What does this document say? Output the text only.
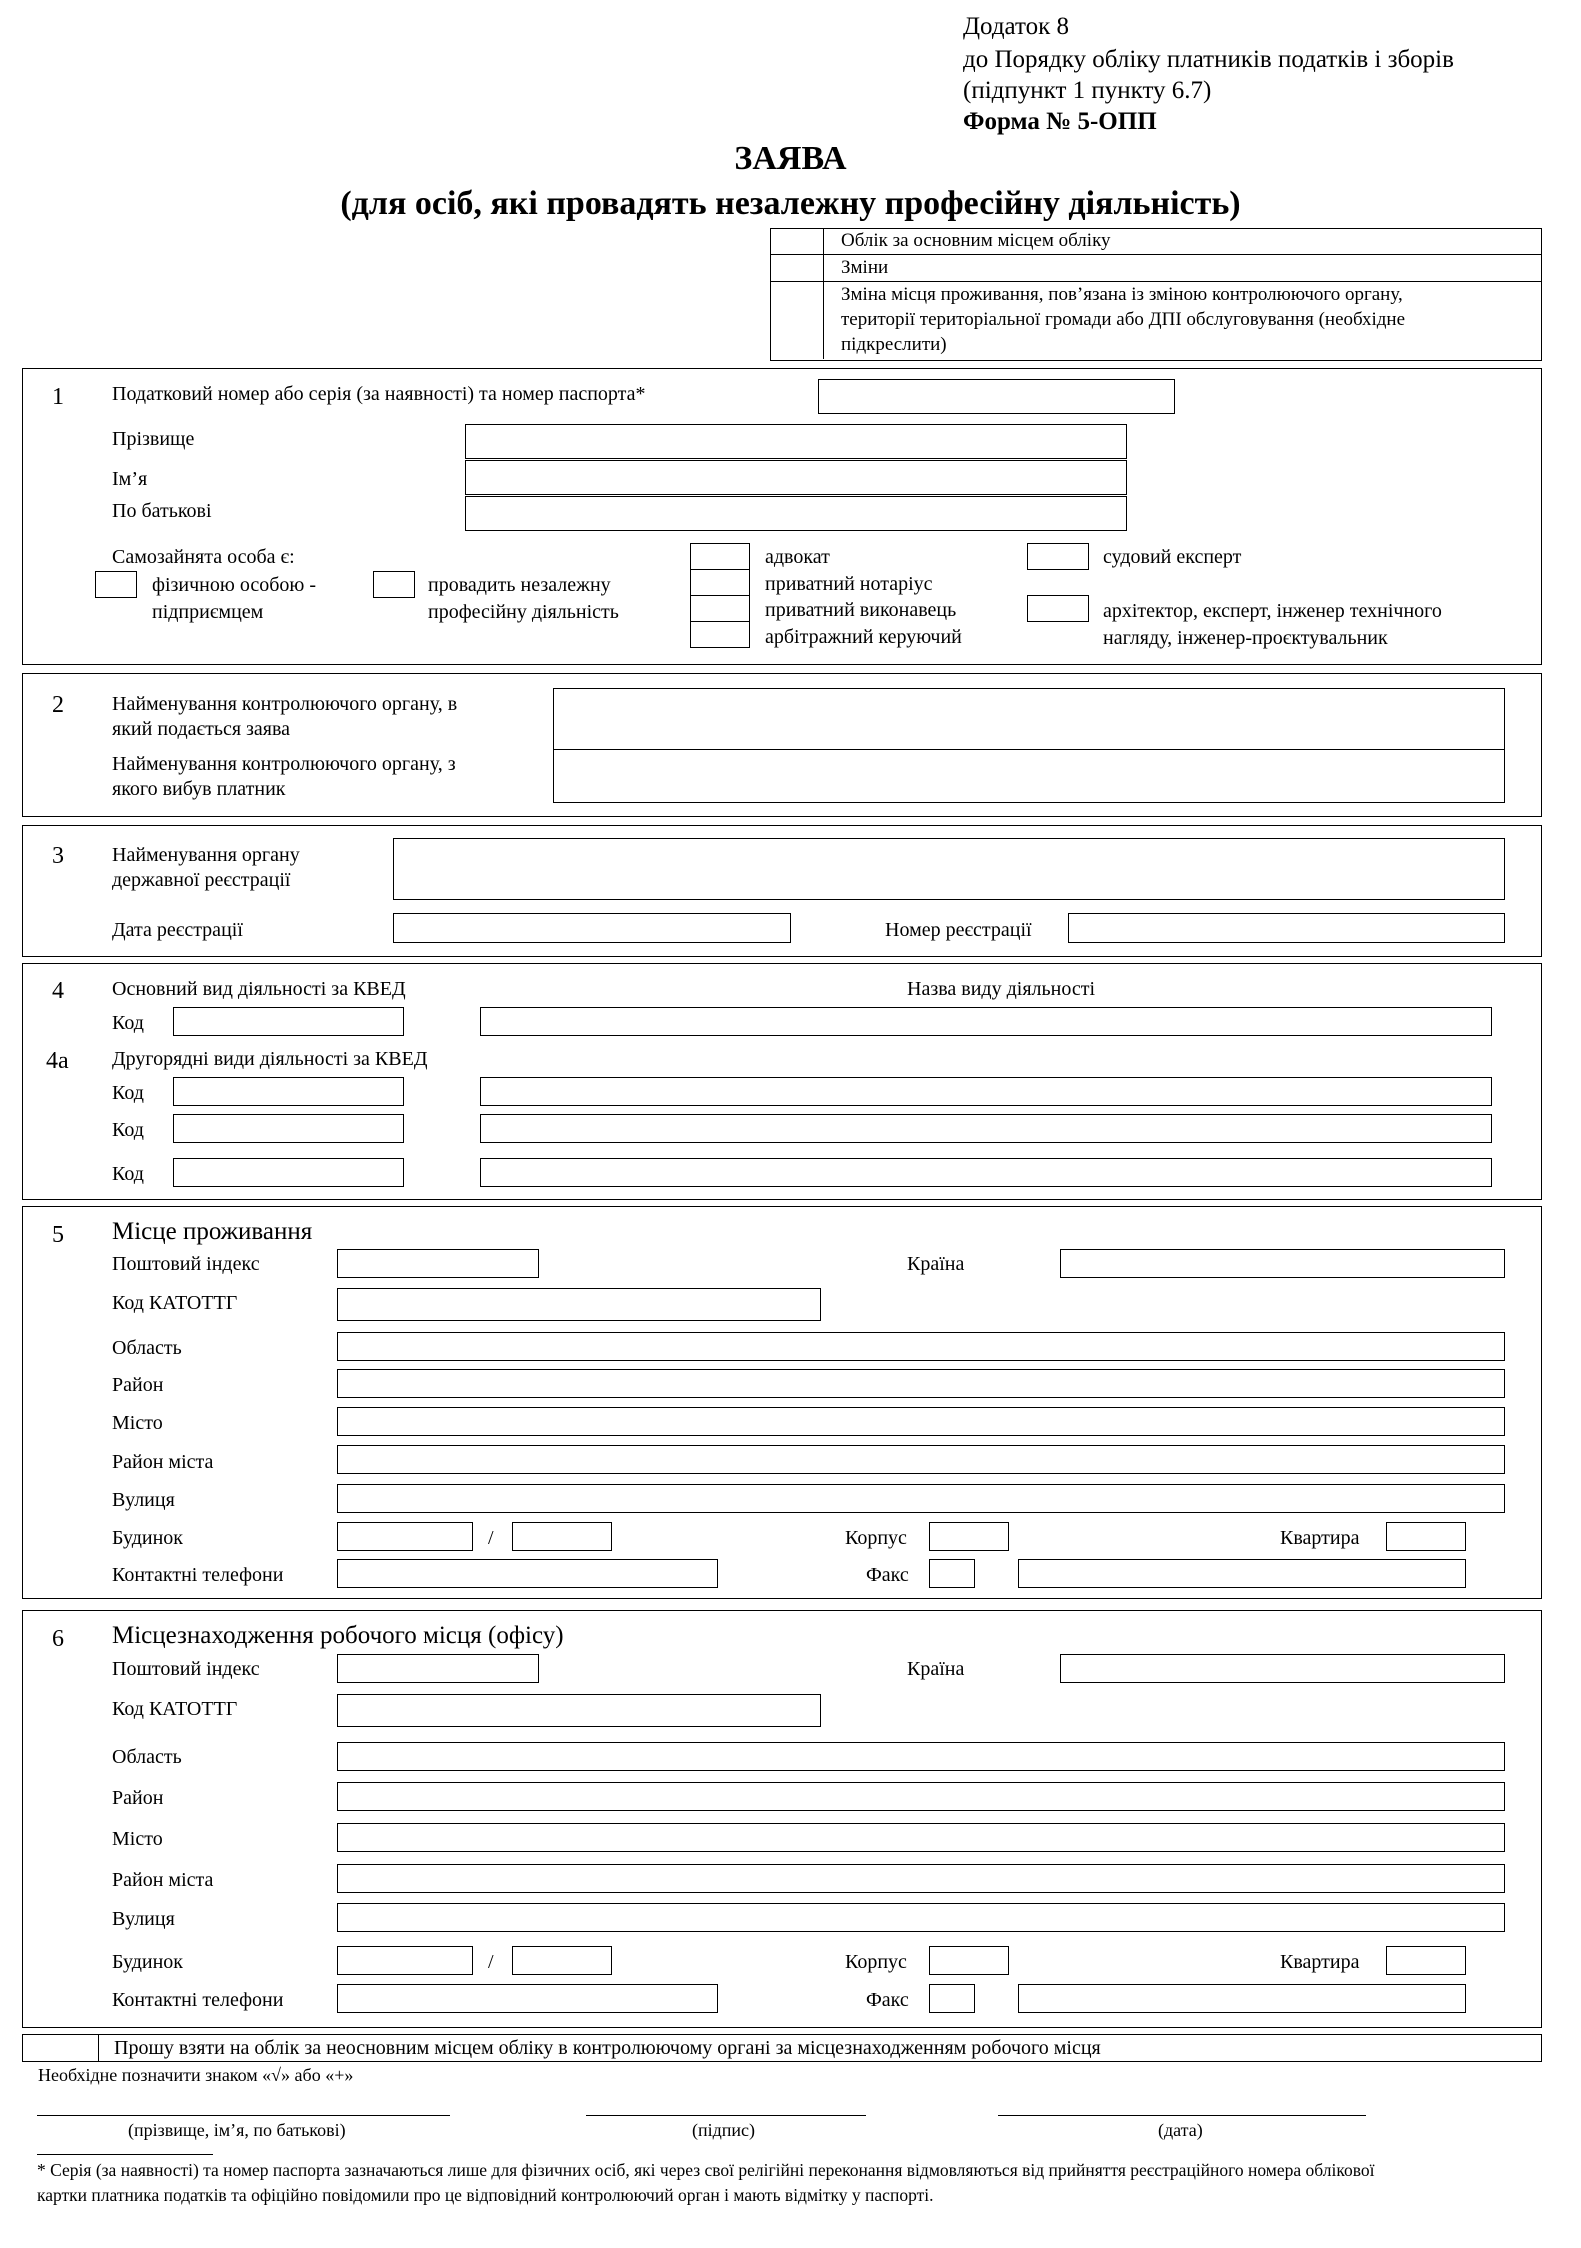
Додаток 8
до Порядку обліку платників податків і зборів
(підпункт 1 пункту 6.7)
Форма № 5-ОПП
ЗАЯВА
(для осіб, які провадять незалежну професійну діяльність)
Облік за основним місцем обліку
Зміни
Зміна місця проживання, пов’язана із зміною контролюючого органу,
території територіальної громади або ДПІ обслуговування (необхідне
підкреслити)
1 Податковий номер або серія (за наявності) та номер паспорта*
Прізвище
Ім’я
По батькові
Самозайнята особа є:
фізичною особою -
підприємцем
провадить незалежну
професійну діяльність
адвокат
приватний нотаріус
приватний виконавець
арбітражний керуючий
судовий експерт
архітектор, експерт, інженер технічного
нагляду, інженер-проєктувальник
2 Найменування контролюючого органу, в
який подається заява
Найменування контролюючого органу, з
якого вибув платник
3 Найменування органу
державної реєстрації
Дата реєстрації	Номер реєстрації
4 Основний вид діяльності за КВЕД	Назва виду діяльності
Код
4а Другорядні види діяльності за КВЕД
Код
Код
Код
5 Місце проживання
Поштовий індекс	Країна
Код КАТОТТГ
Область
Район
Місто
Район міста
Вулиця
Будинок	/	Корпус	Квартира
Контактні телефони	Факс
6 Місцезнаходження робочого місця (офісу)
Поштовий індекс	Країна
Код КАТОТТГ
Область
Район
Місто
Район міста
Вулиця
Будинок	/	Корпус	Квартира
Контактні телефони	Факс
Прошу взяти на облік за неосновним місцем обліку в контролюючому органі за місцезнаходженням робочого місця
Необхідне позначити знаком «√» або «+»
(прізвище, ім’я, по батькові)	(підпис)	(дата)
* Серія (за наявності) та номер паспорта зазначаються лише для фізичних осіб, які через свої релігійні переконання відмовляються від прийняття реєстраційного номера облікової
картки платника податків та офіційно повідомили про це відповідний контролюючий орган і мають відмітку у паспорті.
